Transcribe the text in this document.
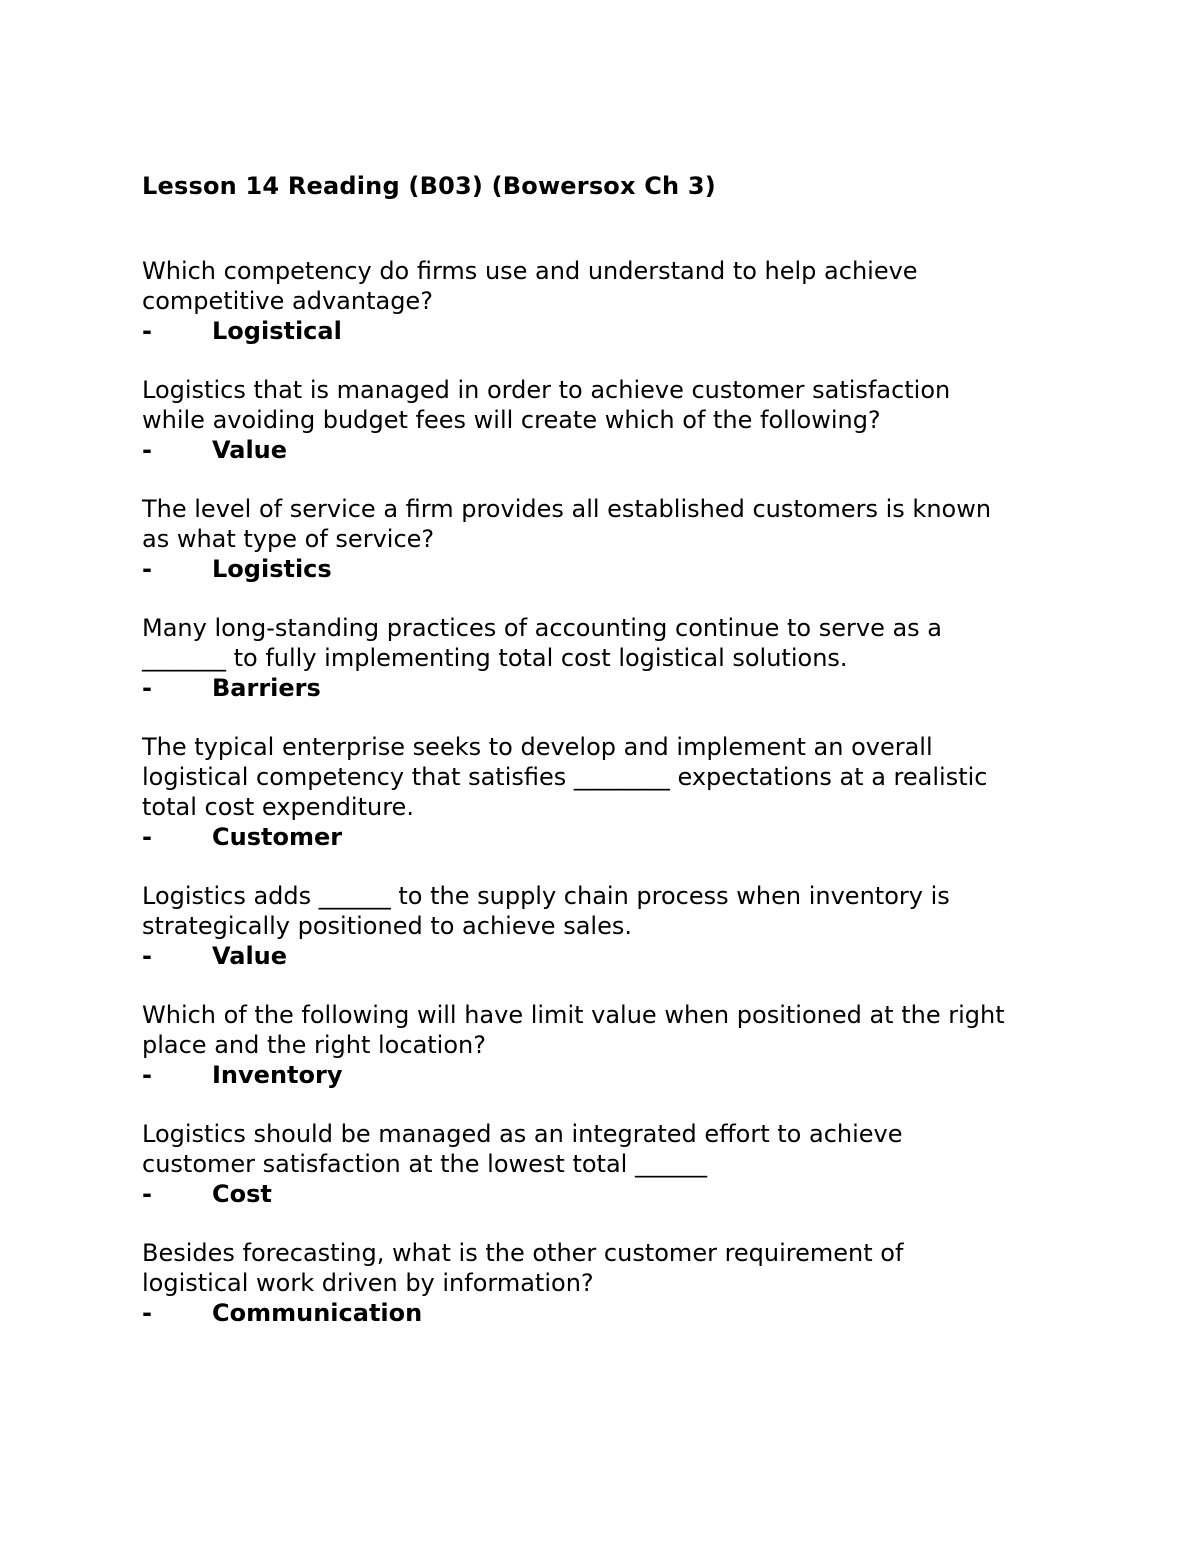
Lesson 14 Reading (B03) (Bowersox Ch 3)

Which competency do firms use and understand to help achieve
competitive advantage?

-	Logistical

Logistics that is managed in order to achieve customer satisfaction
while avoiding budget fees will create which of the following?

-	Value

The level of service a firm provides all established customers is known
as what type of service?

-	Logistics

Many long-standing practices of accounting continue to serve as a
_______ to fully implementing total cost logistical solutions.

-	Barriers

The typical enterprise seeks to develop and implement an overall
logistical competency that satisfies ________ expectations at a realistic
total cost expenditure.

-	Customer

Logistics adds ______ to the supply chain process when inventory is
strategically positioned to achieve sales.

-	Value

Which of the following will have limit value when positioned at the right
place and the right location?

-	Inventory

Logistics should be managed as an integrated effort to achieve
customer satisfaction at the lowest total ______

-	Cost

Besides forecasting, what is the other customer requirement of
logistical work driven by information?

-	Communication
